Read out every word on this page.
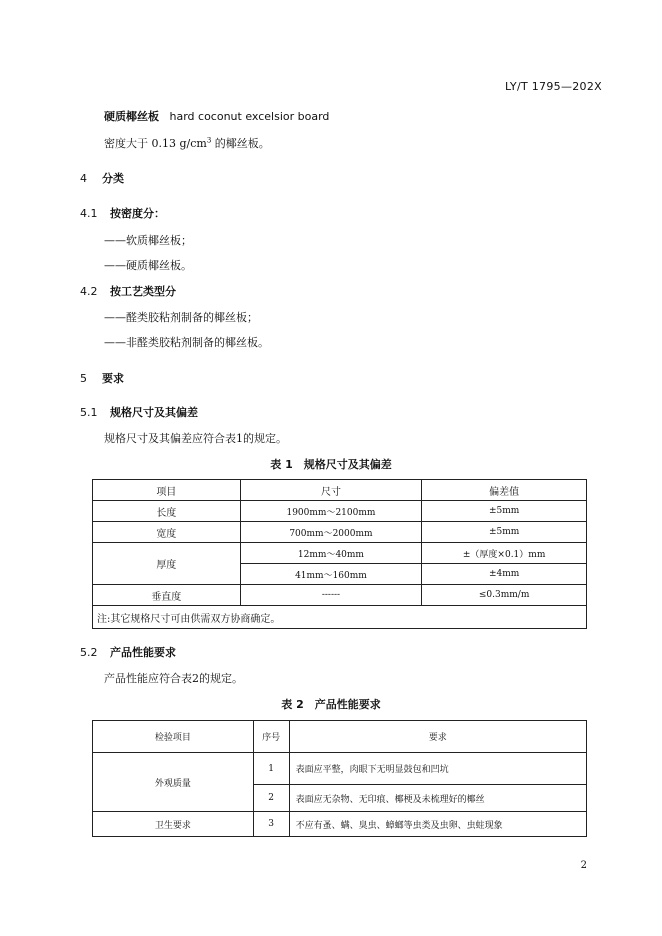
LY/T 1795—202X
硬质椰丝板 hard coconut excelsior board
密度大于 0.13 $g/cm^3$ 的椰丝板。
4 分类
4.1 按密度分：
——软质椰丝板；
——硬质椰丝板。
4.2 按工艺类型分
——醛类胶粘剂制备的椰丝板；
——非醛类胶粘剂制备的椰丝板。
5 要求
5.1 规格尺寸及其偏差
规格尺寸及其偏差应符合表1的规定。
表 1　规格尺寸及其偏差
项目	尺寸	偏差值
长度	1900mm～2100mm	±5mm
宽度	700mm～2000mm	±5mm
厚度	12mm～40mm	±（厚度×0.1）mm
	41mm～160mm	±4mm
垂直度	------	≤0.3mm/m
注:其它规格尺寸可由供需双方协商确定。		
5.2 产品性能要求
产品性能应符合表2的规定。
表 2　产品性能要求
检验项目	序号	要求
外观质量	1	表面应平整，肉眼下无明显鼓包和凹坑
	2	表面应无杂物、无印痕、椰梗及未梳理好的椰丝
卫生要求	3	不应有蚤、螨、臭虫、蟑螂等虫类及虫卵、虫蛀现象
2
